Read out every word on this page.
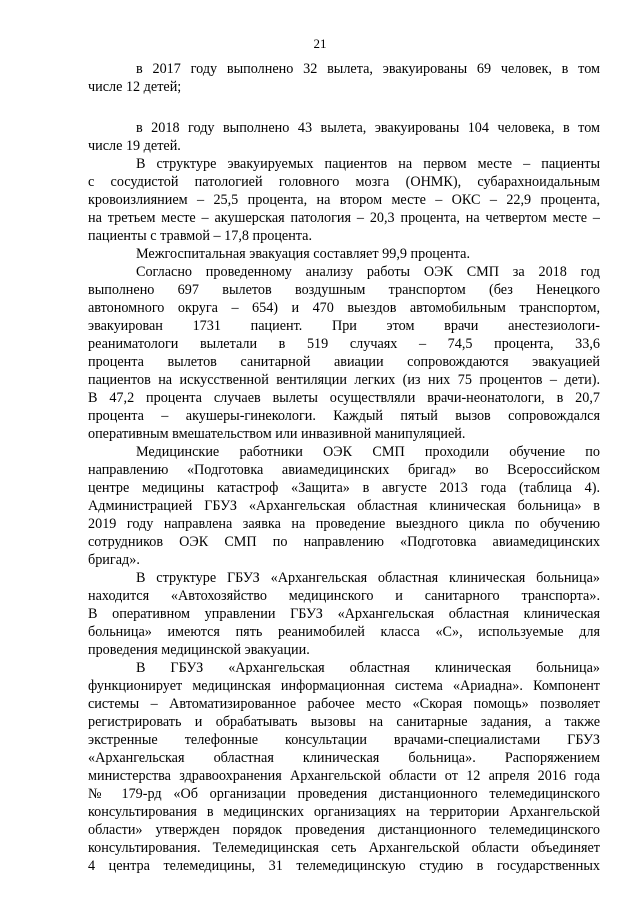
21
в 2017 году выполнено 32 вылета, эвакуированы 69 человек, в том
числе 12 детей;
в 2018 году выполнено 43 вылета, эвакуированы 104 человека, в том
числе 19 детей.
В структуре эвакуируемых пациентов на первом месте – пациенты
с сосудистой патологией головного мозга (ОНМК), субарахноидальным
кровоизлиянием – 25,5 процента, на втором месте – ОКС – 22,9 процента,
на третьем месте – акушерская патология – 20,3 процента, на четвертом месте –
пациенты с травмой – 17,8 процента.
Межгоспитальная эвакуация составляет 99,9 процента.
Согласно проведенному анализу работы ОЭК СМП за 2018 год
выполнено 697 вылетов воздушным транспортом (без Ненецкого
автономного округа – 654) и 470 выездов автомобильным транспортом,
эвакуирован 1731 пациент. При этом врачи анестезиологи-
реаниматологи вылетали в 519 случаях – 74,5 процента, 33,6
процента вылетов санитарной авиации сопровождаются эвакуацией
пациентов на искусственной вентиляции легких (из них 75 процентов – дети).
В 47,2 процента случаев вылеты осуществляли врачи-неонатологи, в 20,7
процента – акушеры-гинекологи. Каждый пятый вызов сопровождался
оперативным вмешательством или инвазивной манипуляцией.
Медицинские работники ОЭК СМП проходили обучение по
направлению «Подготовка авиамедицинских бригад» во Всероссийском
центре медицины катастроф «Защита» в августе 2013 года (таблица 4).
Администрацией ГБУЗ «Архангельская областная клиническая больница» в
2019 году направлена заявка на проведение выездного цикла по обучению
сотрудников ОЭК СМП по направлению «Подготовка авиамедицинских
бригад».
В структуре ГБУЗ «Архангельская областная клиническая больница»
находится «Автохозяйство медицинского и санитарного транспорта».
В оперативном управлении ГБУЗ «Архангельская областная клиническая
больница» имеются пять реанимобилей класса «С», используемые для
проведения медицинской эвакуации.
В ГБУЗ «Архангельская областная клиническая больница»
функционирует медицинская информационная система «Ариадна». Компонент
системы – Автоматизированное рабочее место «Скорая помощь» позволяет
регистрировать и обрабатывать вызовы на санитарные задания, а также
экстренные телефонные консультации врачами-специалистами ГБУЗ
«Архангельская областная клиническая больница». Распоряжением
министерства здравоохранения Архангельской области от 12 апреля 2016 года
№ 179-рд «Об организации проведения дистанционного телемедицинского
консультирования в медицинских организациях на территории Архангельской
области» утвержден порядок проведения дистанционного телемедицинского
консультирования. Телемедицинская сеть Архангельской области объединяет
4 центра телемедицины, 31 телемедицинскую студию в государственных
